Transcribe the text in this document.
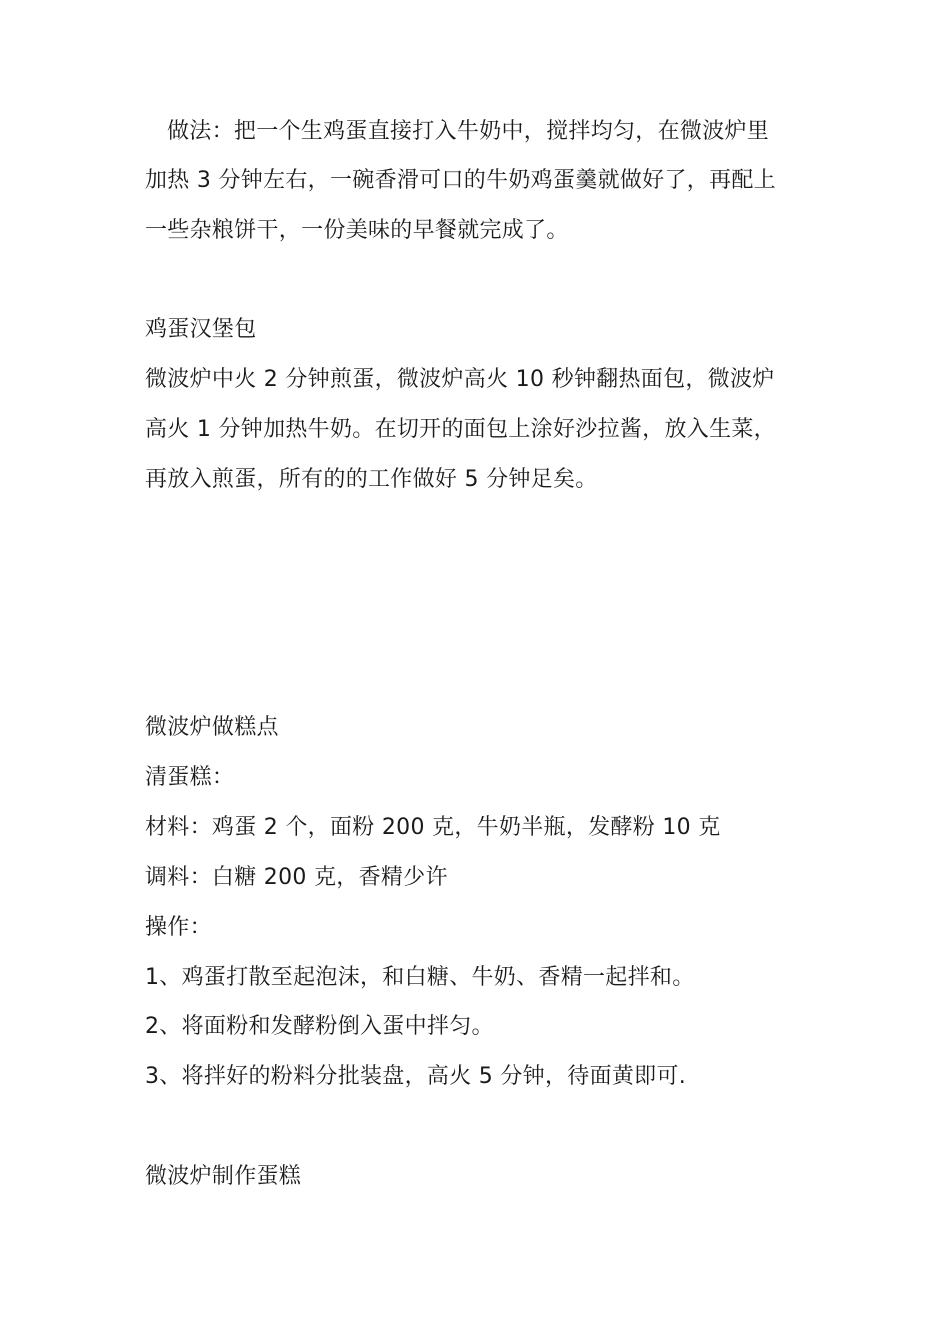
做法：把一个生鸡蛋直接打入牛奶中，搅拌均匀，在微波炉里
加热 3 分钟左右，一碗香滑可口的牛奶鸡蛋羹就做好了，再配上
一些杂粮饼干，一份美味的早餐就完成了。
鸡蛋汉堡包
微波炉中火 2 分钟煎蛋，微波炉高火 10 秒钟翻热面包，微波炉
高火 1 分钟加热牛奶。在切开的面包上涂好沙拉酱，放入生菜，
再放入煎蛋，所有的的工作做好 5 分钟足矣。
微波炉做糕点
清蛋糕：
材料：鸡蛋 2 个，面粉 200 克，牛奶半瓶，发酵粉 10 克
调料：白糖 200 克，香精少许
操作：
1、鸡蛋打散至起泡沫，和白糖、牛奶、香精一起拌和。
2、将面粉和发酵粉倒入蛋中拌匀。
3、将拌好的粉料分批装盘，高火 5 分钟，待面黄即可.
微波炉制作蛋糕
